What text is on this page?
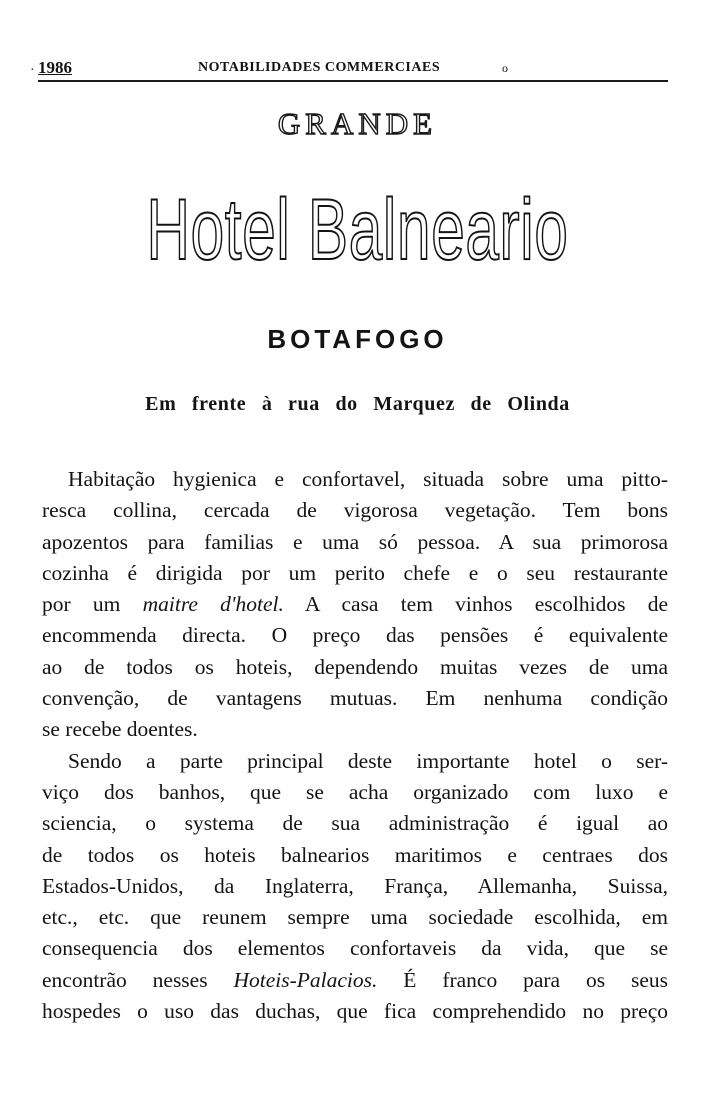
· 1986	NOTABILIDADES COMMERCIAES	o
GRANDE
Hotel Balneario
BOTAFOGO
Em frente à rua do Marquez de Olinda
Habitação hygienica e confortavel, situada sobre uma pitto-
resca collina, cercada de vigorosa vegetação. Tem bons
apozentos para familias e uma só pessoa. A sua primorosa
cozinha é dirigida por um perito chefe e o seu restaurante
por um maitre d'hotel. A casa tem vinhos escolhidos de
encommenda directa. O preço das pensões é equivalente
ao de todos os hoteis, dependendo muitas vezes de uma
convenção, de vantagens mutuas. Em nenhuma condição
se recebe doentes.
Sendo a parte principal deste importante hotel o ser-
viço dos banhos, que se acha organizado com luxo e
sciencia, o systema de sua administração é igual ao
de todos os hoteis balnearios maritimos e centraes dos
Estados-Unidos, da Inglaterra, França, Allemanha, Suissa,
etc., etc. que reunem sempre uma sociedade escolhida, em
consequencia dos elementos confortaveis da vida, que se
encontrão nesses Hoteis-Palacios. É franco para os seus
hospedes o uso das duchas, que fica comprehendido no preço
